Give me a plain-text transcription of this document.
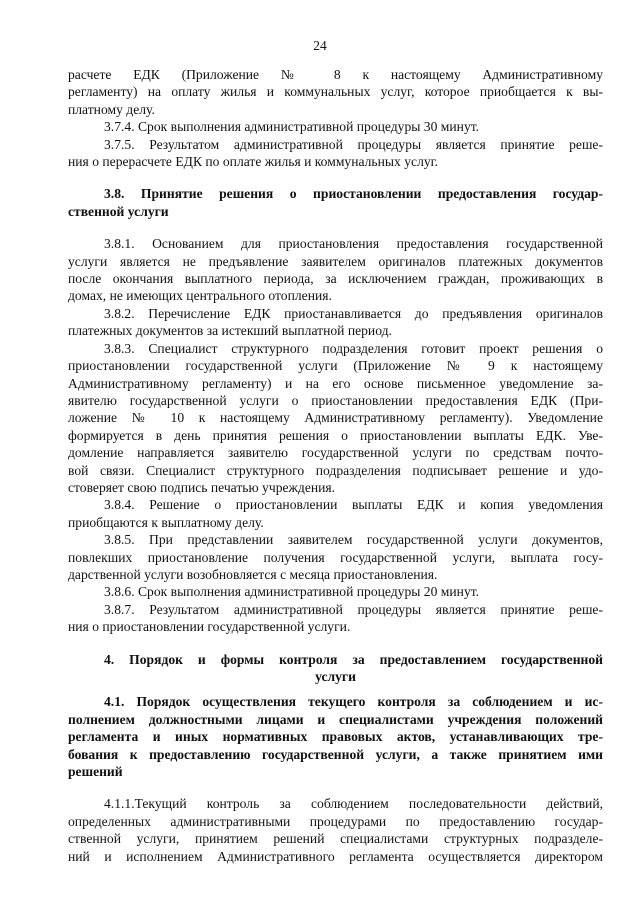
24
расчете ЕДК (Приложение № 8 к настоящему Административному
регламенту) на оплату жилья и коммунальных услуг, которое приобщается к вы-
платному делу.
3.7.4. Срок выполнения административной процедуры 30 минут.
3.7.5. Результатом административной процедуры является принятие реше-
ния о перерасчете ЕДК по оплате жилья и коммунальных услуг.
3.8. Принятие решения о приостановлении предоставления государ-
ственной услуги
3.8.1. Основанием для приостановления предоставления государственной
услуги является не предъявление заявителем оригиналов платежных документов
после окончания выплатного периода, за исключением граждан, проживающих в
домах, не имеющих центрального отопления.
3.8.2. Перечисление ЕДК приостанавливается до предъявления оригиналов
платежных документов за истекший выплатной период.
3.8.3. Специалист структурного подразделения готовит проект решения о
приостановлении государственной услуги (Приложение № 9 к настоящему
Административному регламенту) и на его основе письменное уведомление за-
явителю государственной услуги о приостановлении предоставления ЕДК (При-
ложение № 10 к настоящему Административному регламенту). Уведомление
формируется в день принятия решения о приостановлении выплаты ЕДК. Уве-
домление направляется заявителю государственной услуги по средствам почто-
вой связи. Специалист структурного подразделения подписывает решение и удо-
стоверяет свою подпись печатью учреждения.
3.8.4. Решение о приостановлении выплаты ЕДК и копия уведомления
приобщаются к выплатному делу.
3.8.5. При представлении заявителем государственной услуги документов,
повлекших приостановление получения государственной услуги, выплата госу-
дарственной услуги возобновляется с месяца приостановления.
3.8.6. Срок выполнения административной процедуры 20 минут.
3.8.7. Результатом административной процедуры является принятие реше-
ния о приостановлении государственной услуги.
4. Порядок и формы контроля за предоставлением государственной
услуги
4.1. Порядок осуществления текущего контроля за соблюдением и ис-
полнением должностными лицами и специалистами учреждения положений
регламента и иных нормативных правовых актов, устанавливающих тре-
бования к предоставлению государственной услуги, а также принятием ими
решений
4.1.1.Текущий контроль за соблюдением последовательности действий,
определенных административными процедурами по предоставлению государ-
ственной услуги, принятием решений специалистами структурных подразделе-
ний и исполнением Административного регламента осуществляется директором
